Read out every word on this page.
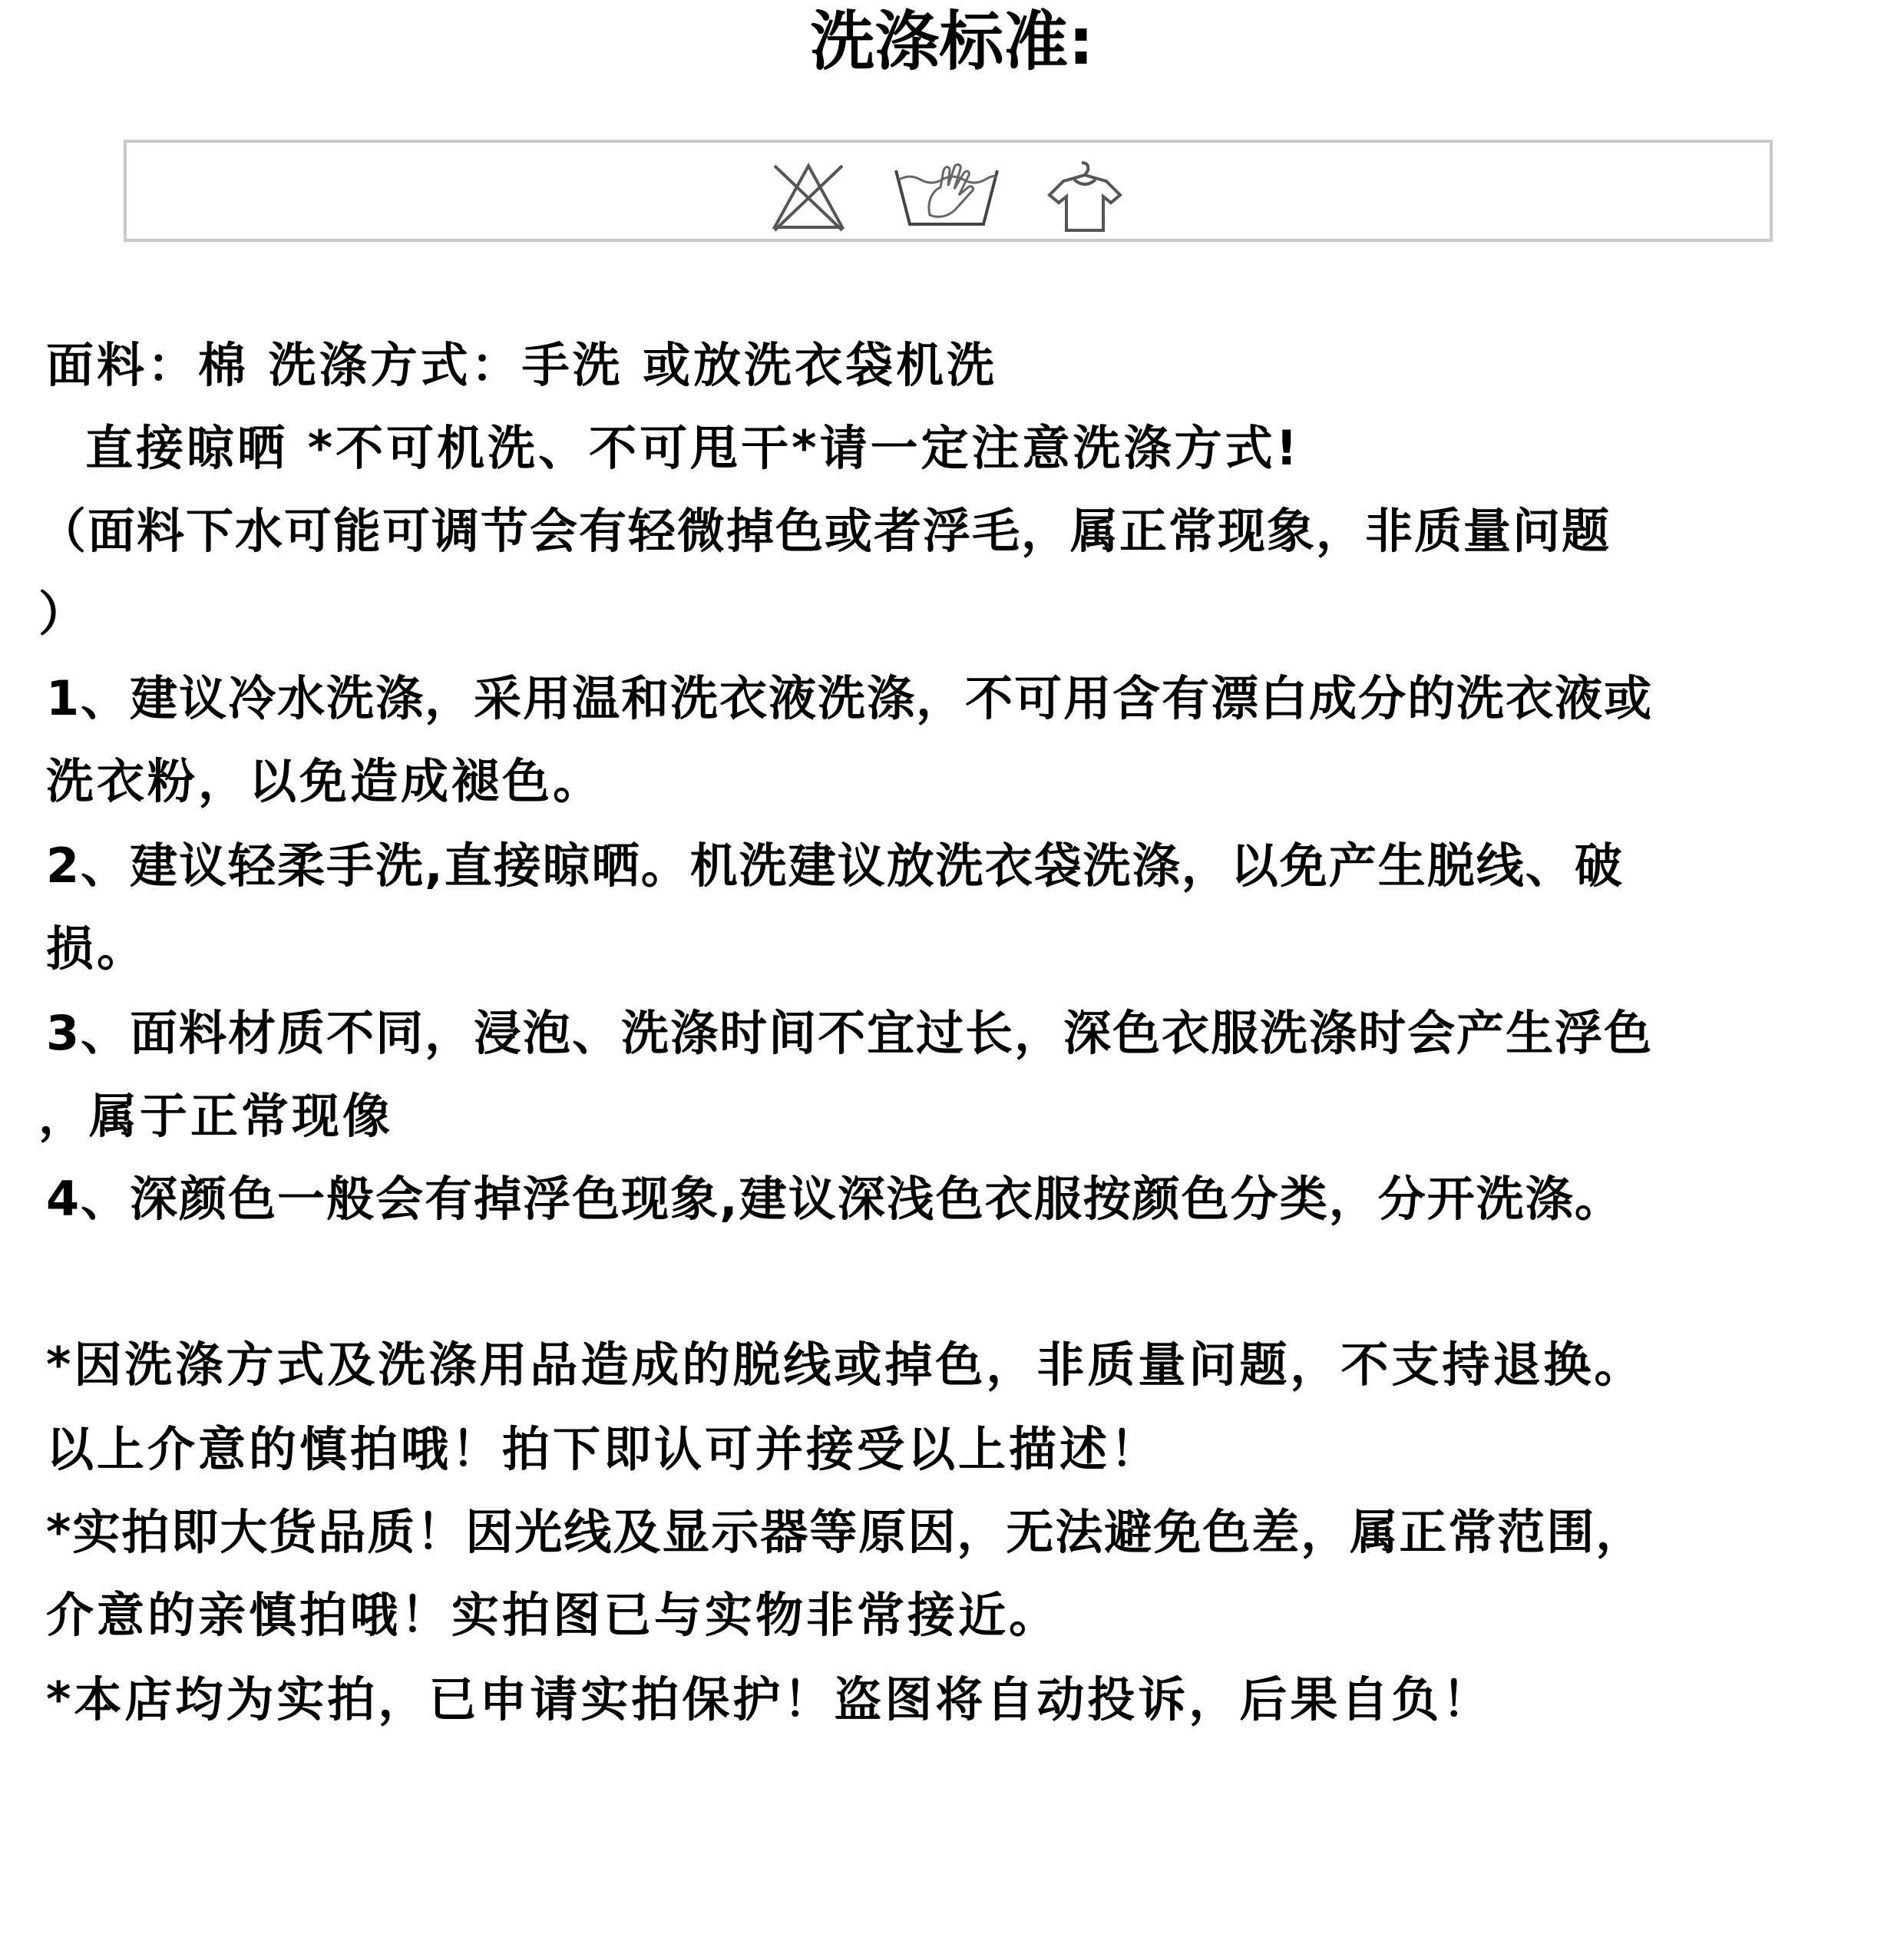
洗涤标准:

面料：棉 洗涤方式：手洗 或放洗衣袋机洗

直接晾晒 *不可机洗、不可甩干*请一定注意洗涤方式!

（面料下水可能可调节会有轻微掉色或者浮毛，属正常现象，非质量问题

）

1、建议冷水洗涤，采用温和洗衣液洗涤，不可用含有漂白成分的洗衣液或

洗衣粉，以免造成褪色。

2、建议轻柔手洗,直接晾晒。机洗建议放洗衣袋洗涤，以免产生脱线、破

损。

3、面料材质不同，浸泡、洗涤时间不宜过长，深色衣服洗涤时会产生浮色

，属于正常现像

4、深颜色一般会有掉浮色现象,建议深浅色衣服按颜色分类，分开洗涤。

*因洗涤方式及洗涤用品造成的脱线或掉色，非质量问题，不支持退换。

以上介意的慎拍哦！拍下即认可并接受以上描述！

*实拍即大货品质！因光线及显示器等原因，无法避免色差，属正常范围，

介意的亲慎拍哦！实拍图已与实物非常接近。

*本店均为实拍，已申请实拍保护！盗图将自动投诉，后果自负！
